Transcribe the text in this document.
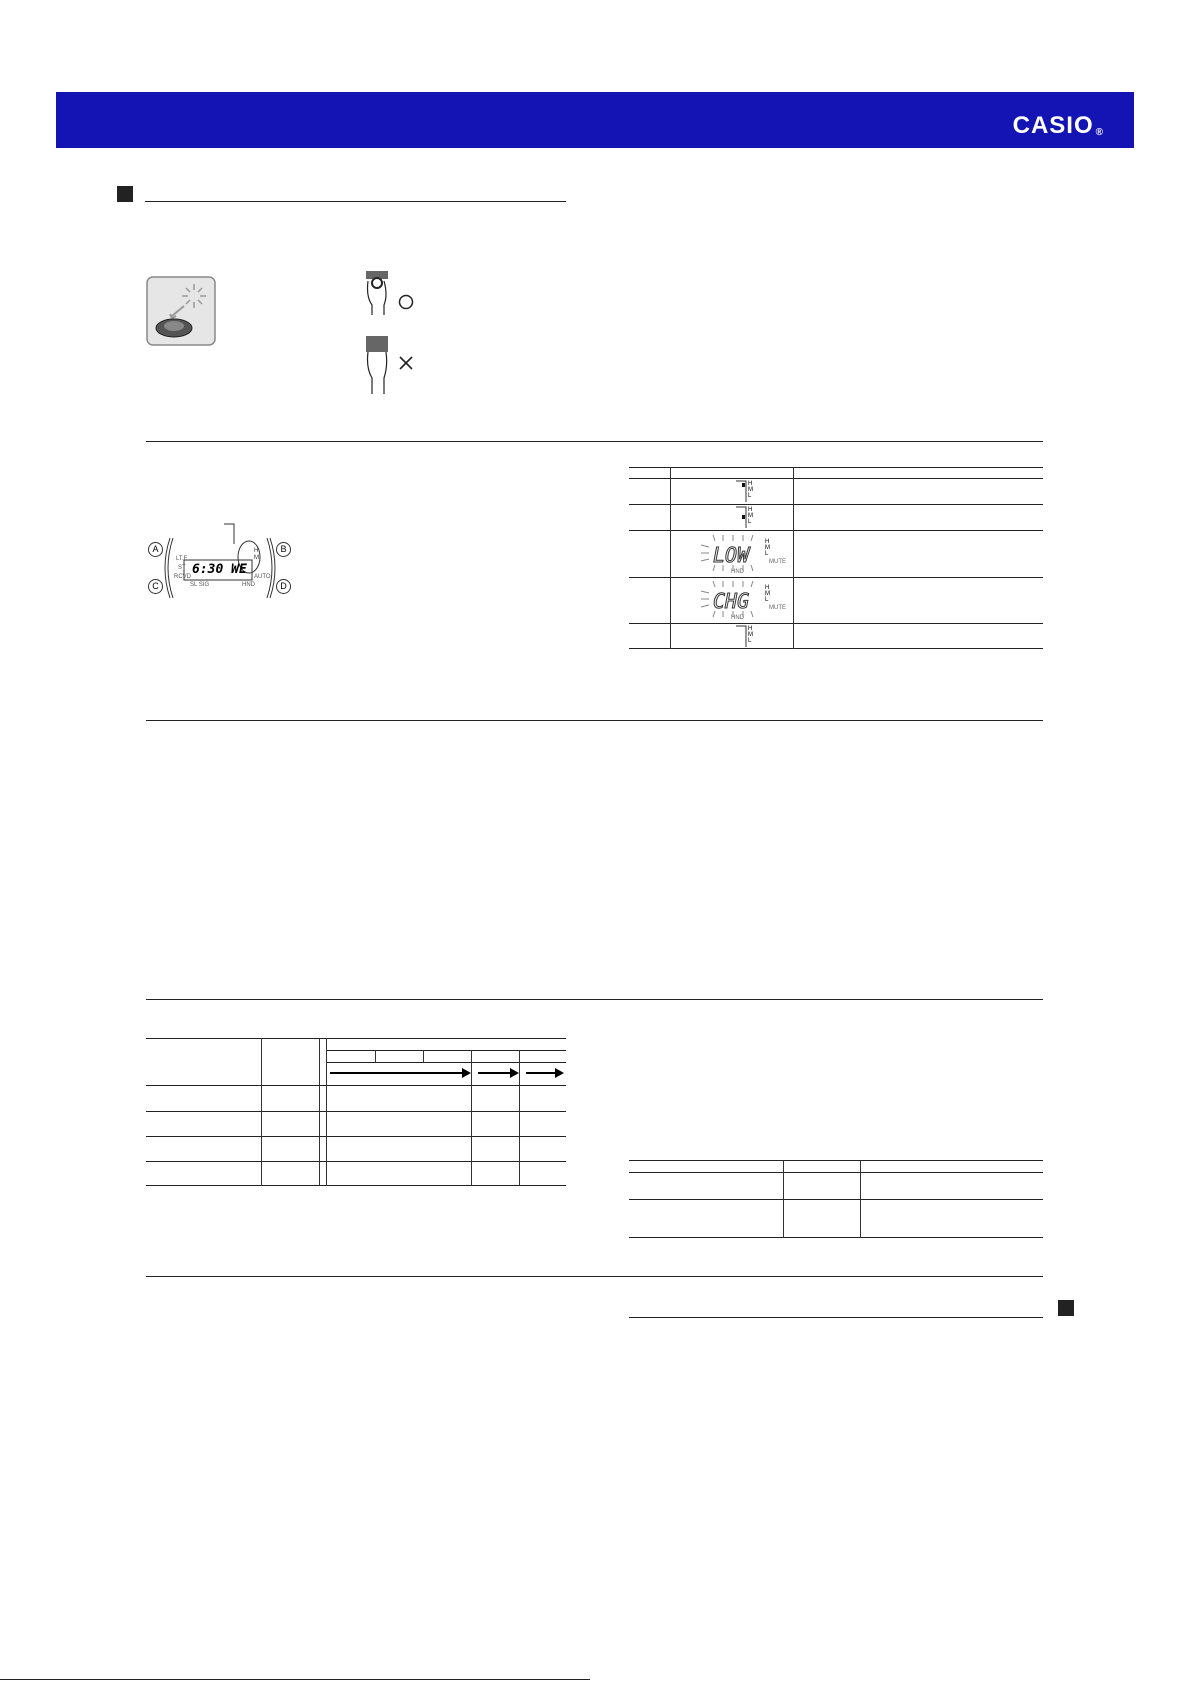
CASIO ®
A	B
C	D
6:30 WE
LT.F
ST
RCVD	AUTO
SL SIG	HND
H
M
H
M
L
H
M
L
LOW
H
M
L
MUTE
HND
CHG
H
M
L
MUTE
HND
H
M
L
